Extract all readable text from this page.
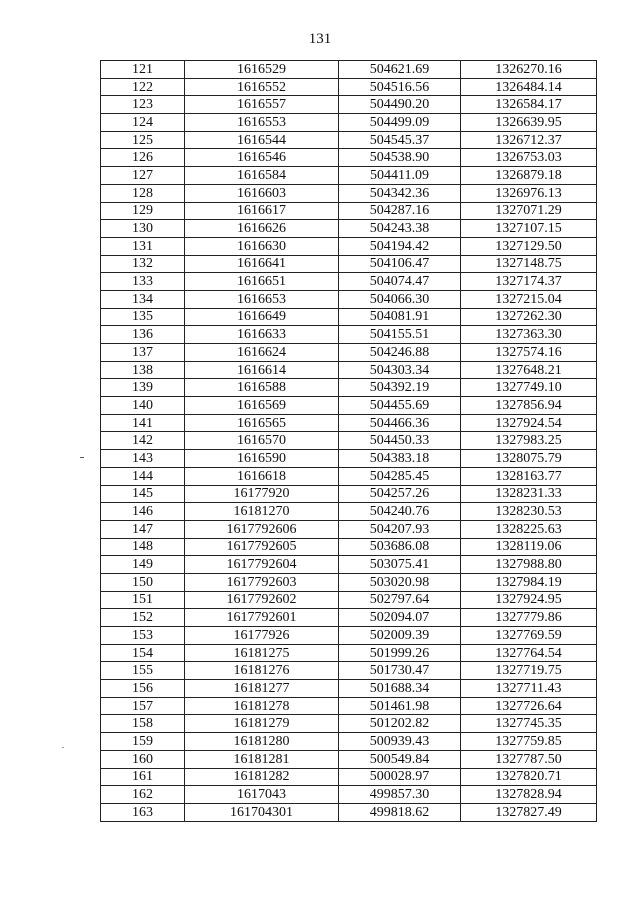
131
121	1616529	504621.69	1326270.16
122	1616552	504516.56	1326484.14
123	1616557	504490.20	1326584.17
124	1616553	504499.09	1326639.95
125	1616544	504545.37	1326712.37
126	1616546	504538.90	1326753.03
127	1616584	504411.09	1326879.18
128	1616603	504342.36	1326976.13
129	1616617	504287.16	1327071.29
130	1616626	504243.38	1327107.15
131	1616630	504194.42	1327129.50
132	1616641	504106.47	1327148.75
133	1616651	504074.47	1327174.37
134	1616653	504066.30	1327215.04
135	1616649	504081.91	1327262.30
136	1616633	504155.51	1327363.30
137	1616624	504246.88	1327574.16
138	1616614	504303.34	1327648.21
139	1616588	504392.19	1327749.10
140	1616569	504455.69	1327856.94
141	1616565	504466.36	1327924.54
142	1616570	504450.33	1327983.25
143	1616590	504383.18	1328075.79
144	1616618	504285.45	1328163.77
145	16177920	504257.26	1328231.33
146	16181270	504240.76	1328230.53
147	1617792606	504207.93	1328225.63
148	1617792605	503686.08	1328119.06
149	1617792604	503075.41	1327988.80
150	1617792603	503020.98	1327984.19
151	1617792602	502797.64	1327924.95
152	1617792601	502094.07	1327779.86
153	16177926	502009.39	1327769.59
154	16181275	501999.26	1327764.54
155	16181276	501730.47	1327719.75
156	16181277	501688.34	1327711.43
157	16181278	501461.98	1327726.64
158	16181279	501202.82	1327745.35
159	16181280	500939.43	1327759.85
160	16181281	500549.84	1327787.50
161	16181282	500028.97	1327820.71
162	1617043	499857.30	1327828.94
163	161704301	499818.62	1327827.49
